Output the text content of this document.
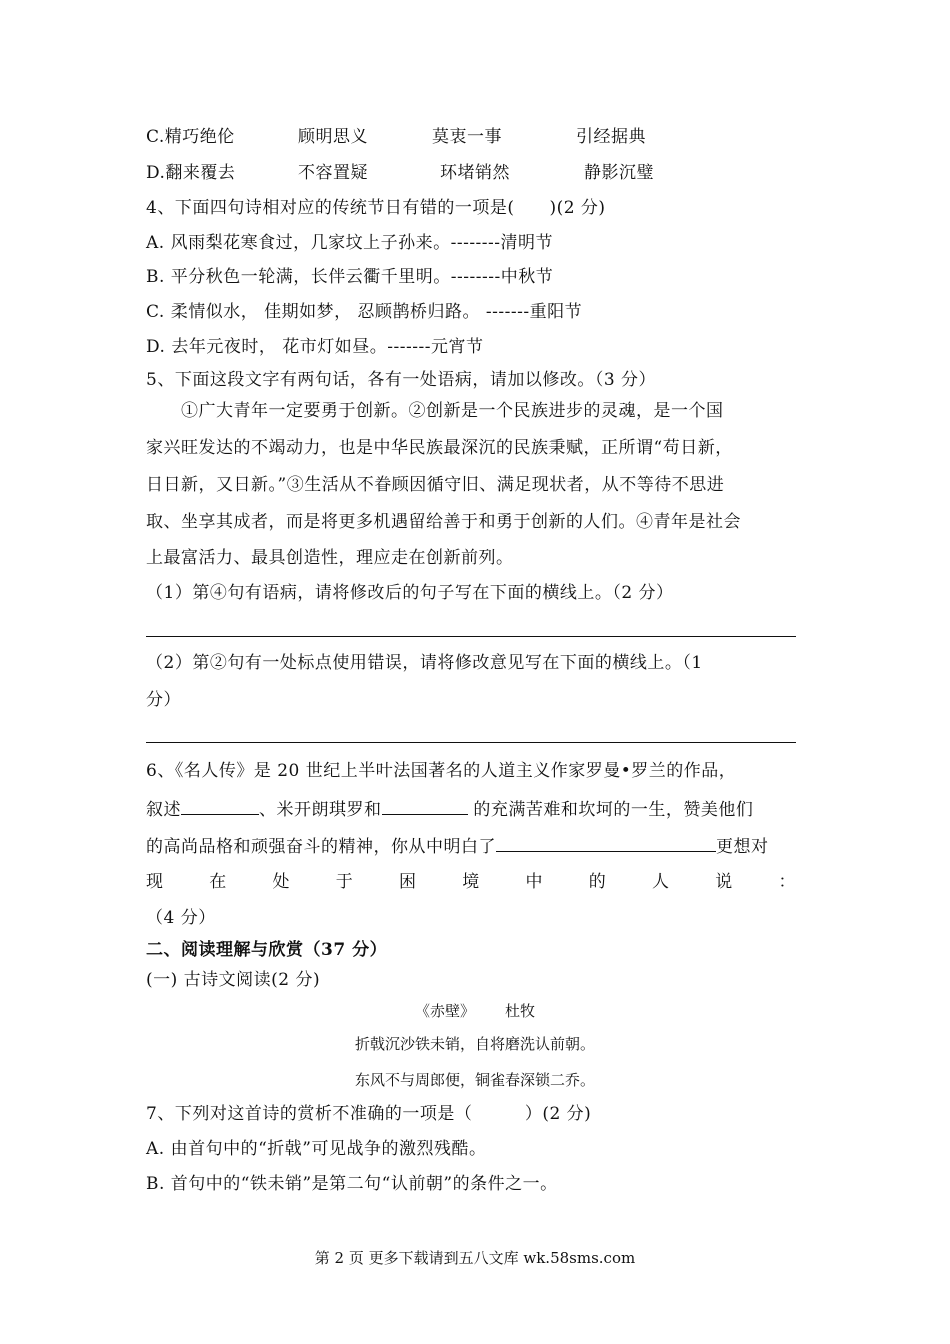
C.精巧绝伦	顾明思义	莫衷一事	引经据典
D.翻来覆去	不容置疑	环堵销然	静影沉璧
4、下面四句诗相对应的传统节日有错的一项是(　　)(2 分)
A. 风雨梨花寒食过，几家坟上子孙来。--------清明节
B. 平分秋色一轮满，长伴云衢千里明。--------中秋节
C. 柔情似水， 佳期如梦， 忍顾鹊桥归路。 -------重阳节
D. 去年元夜时， 花市灯如昼。-------元宵节
5、下面这段文字有两句话，各有一处语病，请加以修改。（3 分）
　　①广大青年一定要勇于创新。②创新是一个民族进步的灵魂，是一个国
家兴旺发达的不竭动力，也是中华民族最深沉的民族秉赋，正所谓“苟日新，
日日新，又日新。”③生活从不眷顾因循守旧、满足现状者，从不等待不思进
取、坐享其成者，而是将更多机遇留给善于和勇于创新的人们。④青年是社会
上最富活力、最具创造性，理应走在创新前列。
（1）第④句有语病，请将修改后的句子写在下面的横线上。（2 分）
（2）第②句有一处标点使用错误，请将修改意见写在下面的横线上。（1
分）
6、《名人传》是 20 世纪上半叶法国著名的人道主义作家罗曼•罗兰的作品，
叙述	、米开朗琪罗和	的充满苦难和坎坷的一生，赞美他们
的高尚品格和顽强奋斗的精神，你从中明白了	更想对
现	在	处	于	困	境	中	的	人	说	：
（4 分）
二、阅读理解与欣赏（37 分）
(一) 古诗文阅读(2 分)
《赤壁》 杜牧
折戟沉沙铁未销，自将磨洗认前朝。
东风不与周郎便，铜雀春深锁二乔。
7、下列对这首诗的赏析不准确的一项是（　　　）(2 分)
A. 由首句中的“折戟”可见战争的激烈残酷。
B. 首句中的“铁未销”是第二句“认前朝”的条件之一。
第 2 页 更多下载请到五八文库 wk.58sms.com
